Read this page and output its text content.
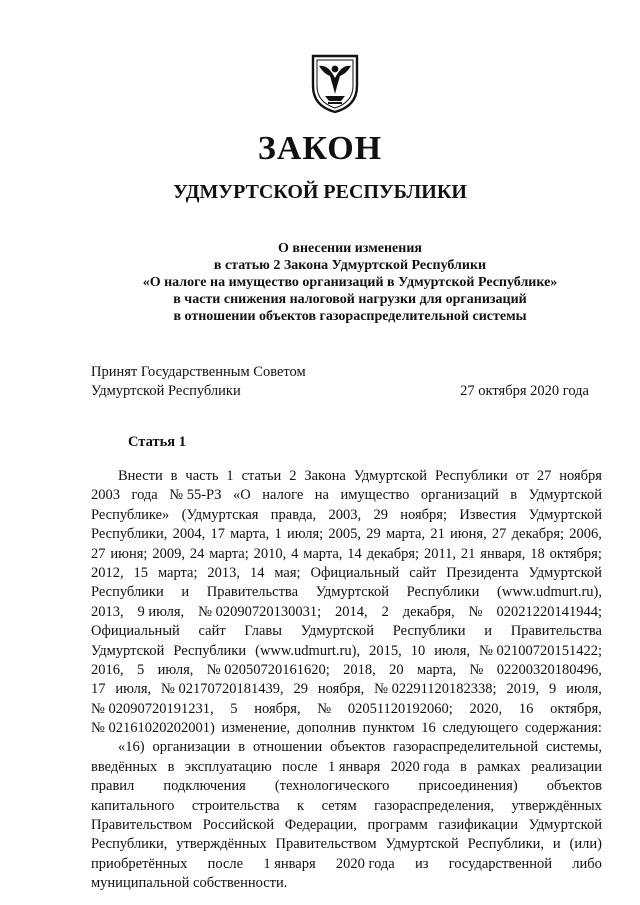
ЗАКОН
УДМУРТСКОЙ РЕСПУБЛИКИ
О внесении изменения
в статью 2 Закона Удмуртской Республики
«О налоге на имущество организаций в Удмуртской Республике»
в части снижения налоговой нагрузки для организаций
в отношении объектов газораспределительной системы
Принят Государственным Советом
Удмуртской Республики	27 октября 2020 года
Статья 1
Внести в часть 1 статьи 2 Закона Удмуртской Республики от 27 ноября
2003 года № 55-РЗ «О налоге на имущество организаций в Удмуртской
Республике» (Удмуртская правда, 2003, 29 ноября; Известия Удмуртской
Республики, 2004, 17 марта, 1 июля; 2005, 29 марта, 21 июня, 27 декабря; 2006,
27 июня; 2009, 24 марта; 2010, 4 марта, 14 декабря; 2011, 21 января, 18 октября;
2012, 15 марта; 2013, 14 мая; Официальный сайт Президента Удмуртской
Республики и Правительства Удмуртской Республики (www.udmurt.ru),
2013, 9 июля, № 02090720130031; 2014, 2 декабря, № 02021220141944;
Официальный сайт Главы Удмуртской Республики и Правительства
Удмуртской Республики (www.udmurt.ru), 2015, 10 июля, № 02100720151422;
2016, 5 июля, № 02050720161620; 2018, 20 марта, № 02200320180496,
17 июля, № 02170720181439, 29 ноября, № 02291120182338; 2019, 9 июля,
№ 02090720191231, 5 ноября, № 02051120192060; 2020, 16 октября,
№ 02161020202001) изменение, дополнив пунктом 16 следующего содержания:
«16) организации в отношении объектов газораспределительной системы,
введённых в эксплуатацию после 1 января 2020 года в рамках реализации
правил подключения (технологического присоединения) объектов
капитального строительства к сетям газораспределения, утверждённых
Правительством Российской Федерации, программ газификации Удмуртской
Республики, утверждённых Правительством Удмуртской Республики, и (или)
приобретённых после 1 января 2020 года из государственной либо
муниципальной собственности.
